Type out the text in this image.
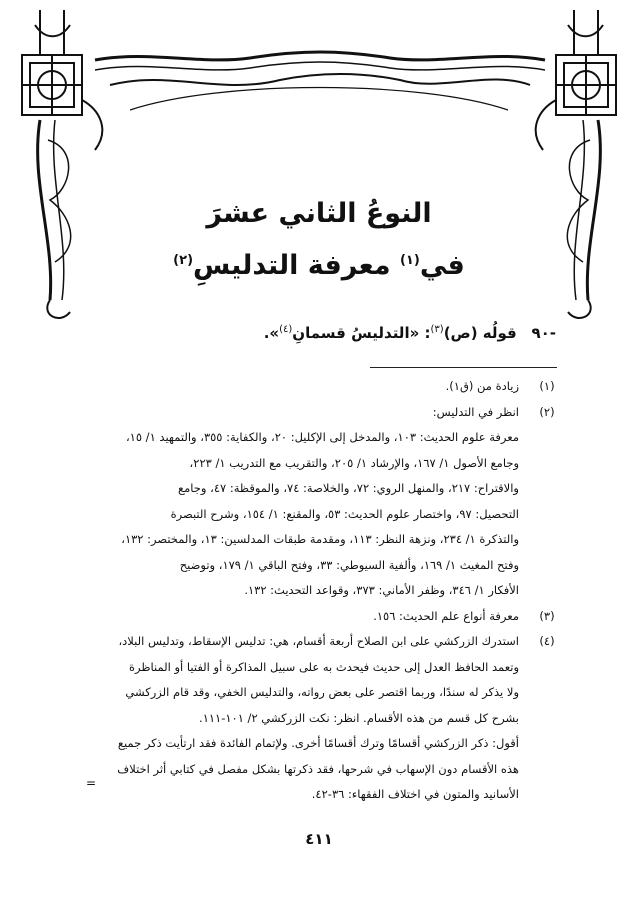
النوعُ الثاني عشرَ
في$^{(١)}$ معرفة التدليسِ$^{(٢)}$
-٩٠ قولُه (ص)$^{(٣)}$: «التدليسُ قسمانِ$^{(٤)}$».
(١)
زيادة من (ق١).
(٢)
انظر في التدليس:
معرفة علوم الحديث: ١٠٣، والمدخل إلى الإكليل: ٢٠، والكفاية: ٣٥٥، والتمهيد ١/ ١٥،
وجامع الأصول ١/ ١٦٧، والإرشاد ١/ ٢٠٥، والتقريب مع التدريب ١/ ٢٢٣،
والاقتراح: ٢١٧، والمنهل الروي: ٧٢، والخلاصة: ٧٤، والموقظة: ٤٧، وجامع
التحصيل: ٩٧، واختصار علوم الحديث: ٥٣، والمقنع: ١/ ١٥٤، وشرح التبصرة
والتذكرة ١/ ٢٣٤، ونزهة النظر: ١١٣، ومقدمة طبقات المدلسين: ١٣، والمختصر: ١٣٢،
وفتح المغيث ١/ ١٦٩، وألفية السيوطي: ٣٣، وفتح الباقي ١/ ١٧٩، وتوضيح
الأفكار ١/ ٣٤٦، وظفر الأماني: ٣٧٣، وقواعد التحديث: ١٣٢.
(٣)
معرفة أنواع علم الحديث: ١٥٦.
(٤)
استدرك الزركشي على ابن الصلاح أربعة أقسام، هي: تدليس الإسقاط، وتدليس البلاد،
وتعمد الحافظ العدل إلى حديث فيحدث به على سبيل المذاكرة أو الفتيا أو المناظرة
ولا يذكر له سندًا، وربما اقتصر على بعض رواته، والتدليس الخفي، وقد قام الزركشي
بشرح كل قسم من هذه الأقسام. انظر: نكت الزركشي ٢/ ١٠١-١١١.
أقول: ذكر الزركشي أقسامًا وترك أقسامًا أخرى. ولإتمام الفائدة فقد ارتأيت ذكر جميع
هذه الأقسام دون الإسهاب في شرحها، فقد ذكرتها بشكل مفصل في كتابي أثر اختلاف
الأسانيد والمتون في اختلاف الفقهاء: ٣٦-٤٢.
=
٤١١
